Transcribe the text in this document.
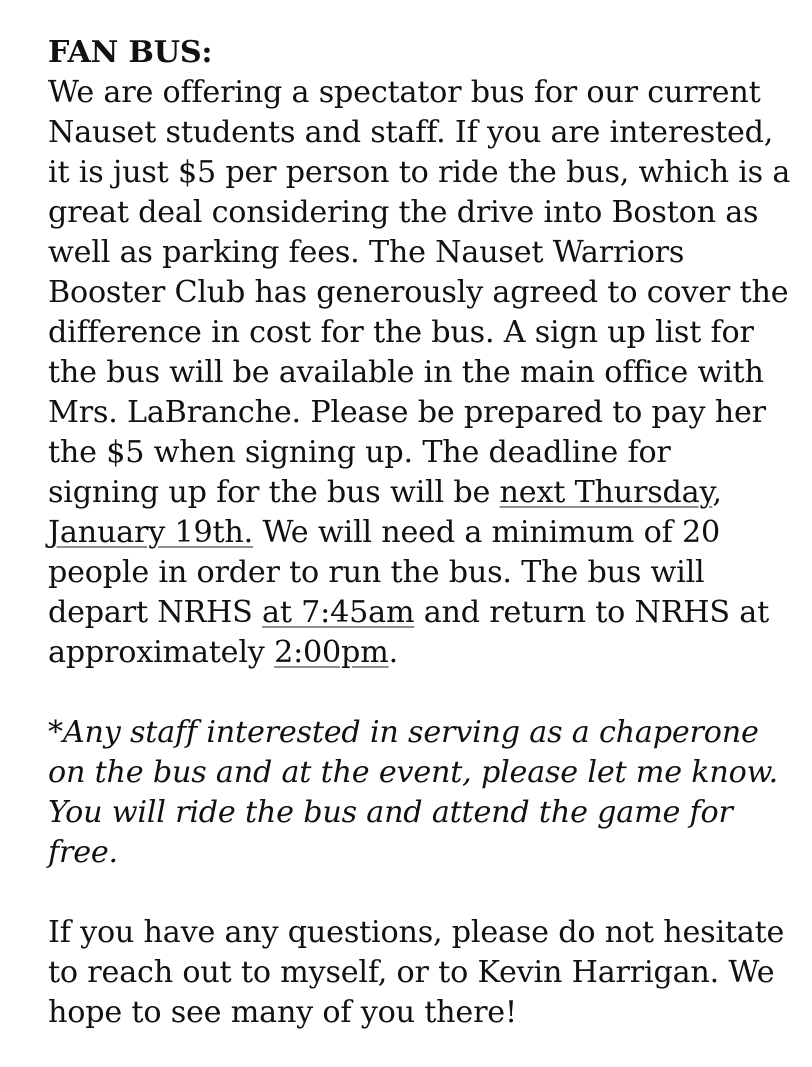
FAN BUS:
We are offering a spectator bus for our current
Nauset students and staff. If you are interested,
it is just $5 per person to ride the bus, which is a
great deal considering the drive into Boston as
well as parking fees. The Nauset Warriors
Booster Club has generously agreed to cover the
difference in cost for the bus. A sign up list for
the bus will be available in the main office with
Mrs. LaBranche. Please be prepared to pay her
the $5 when signing up. The deadline for
signing up for the bus will be next Thursday,
January 19th. We will need a minimum of 20
people in order to run the bus. The bus will
depart NRHS at 7:45am and return to NRHS at
approximately 2:00pm.
*Any staff interested in serving as a chaperone
on the bus and at the event, please let me know.
You will ride the bus and attend the game for
free.
If you have any questions, please do not hesitate
to reach out to myself, or to Kevin Harrigan. We
hope to see many of you there!
